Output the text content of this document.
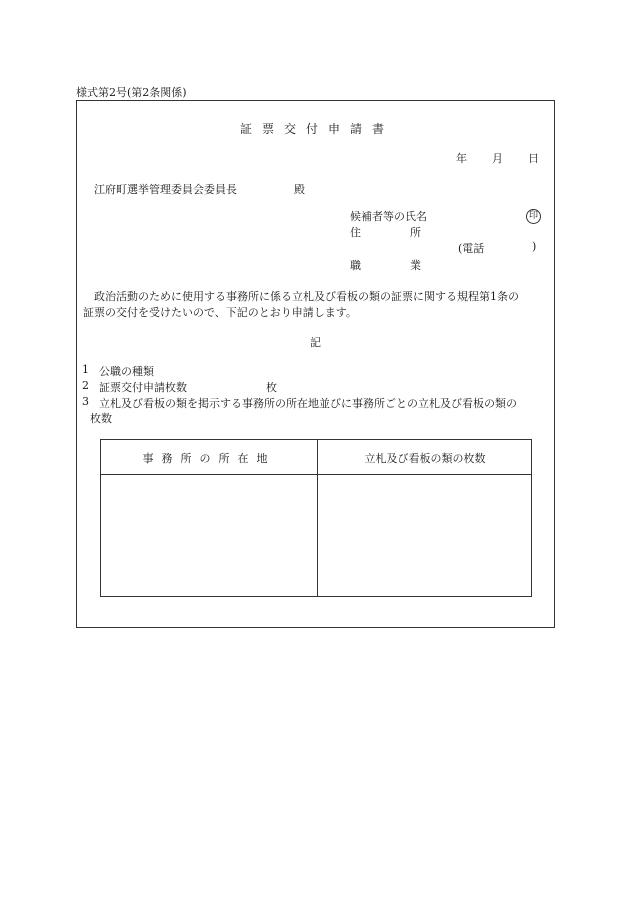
様式第2号(第2条関係)
証票交付申請書
年 月 日
江府町選挙管理委員会委員長	殿
候補者等の氏名	印
住	所
(電話	)
職	業
政治活動のために使用する事務所に係る立札及び看板の類の証票に関する規程第1条の
証票の交付を受けたいので、下記のとおり申請します。
記
1 公職の種類
2 証票交付申請枚数	枚
3 立札及び看板の類を掲示する事務所の所在地並びに事務所ごとの立札及び看板の類の
枚数
事務所の所在地	立札及び看板の類の枚数
